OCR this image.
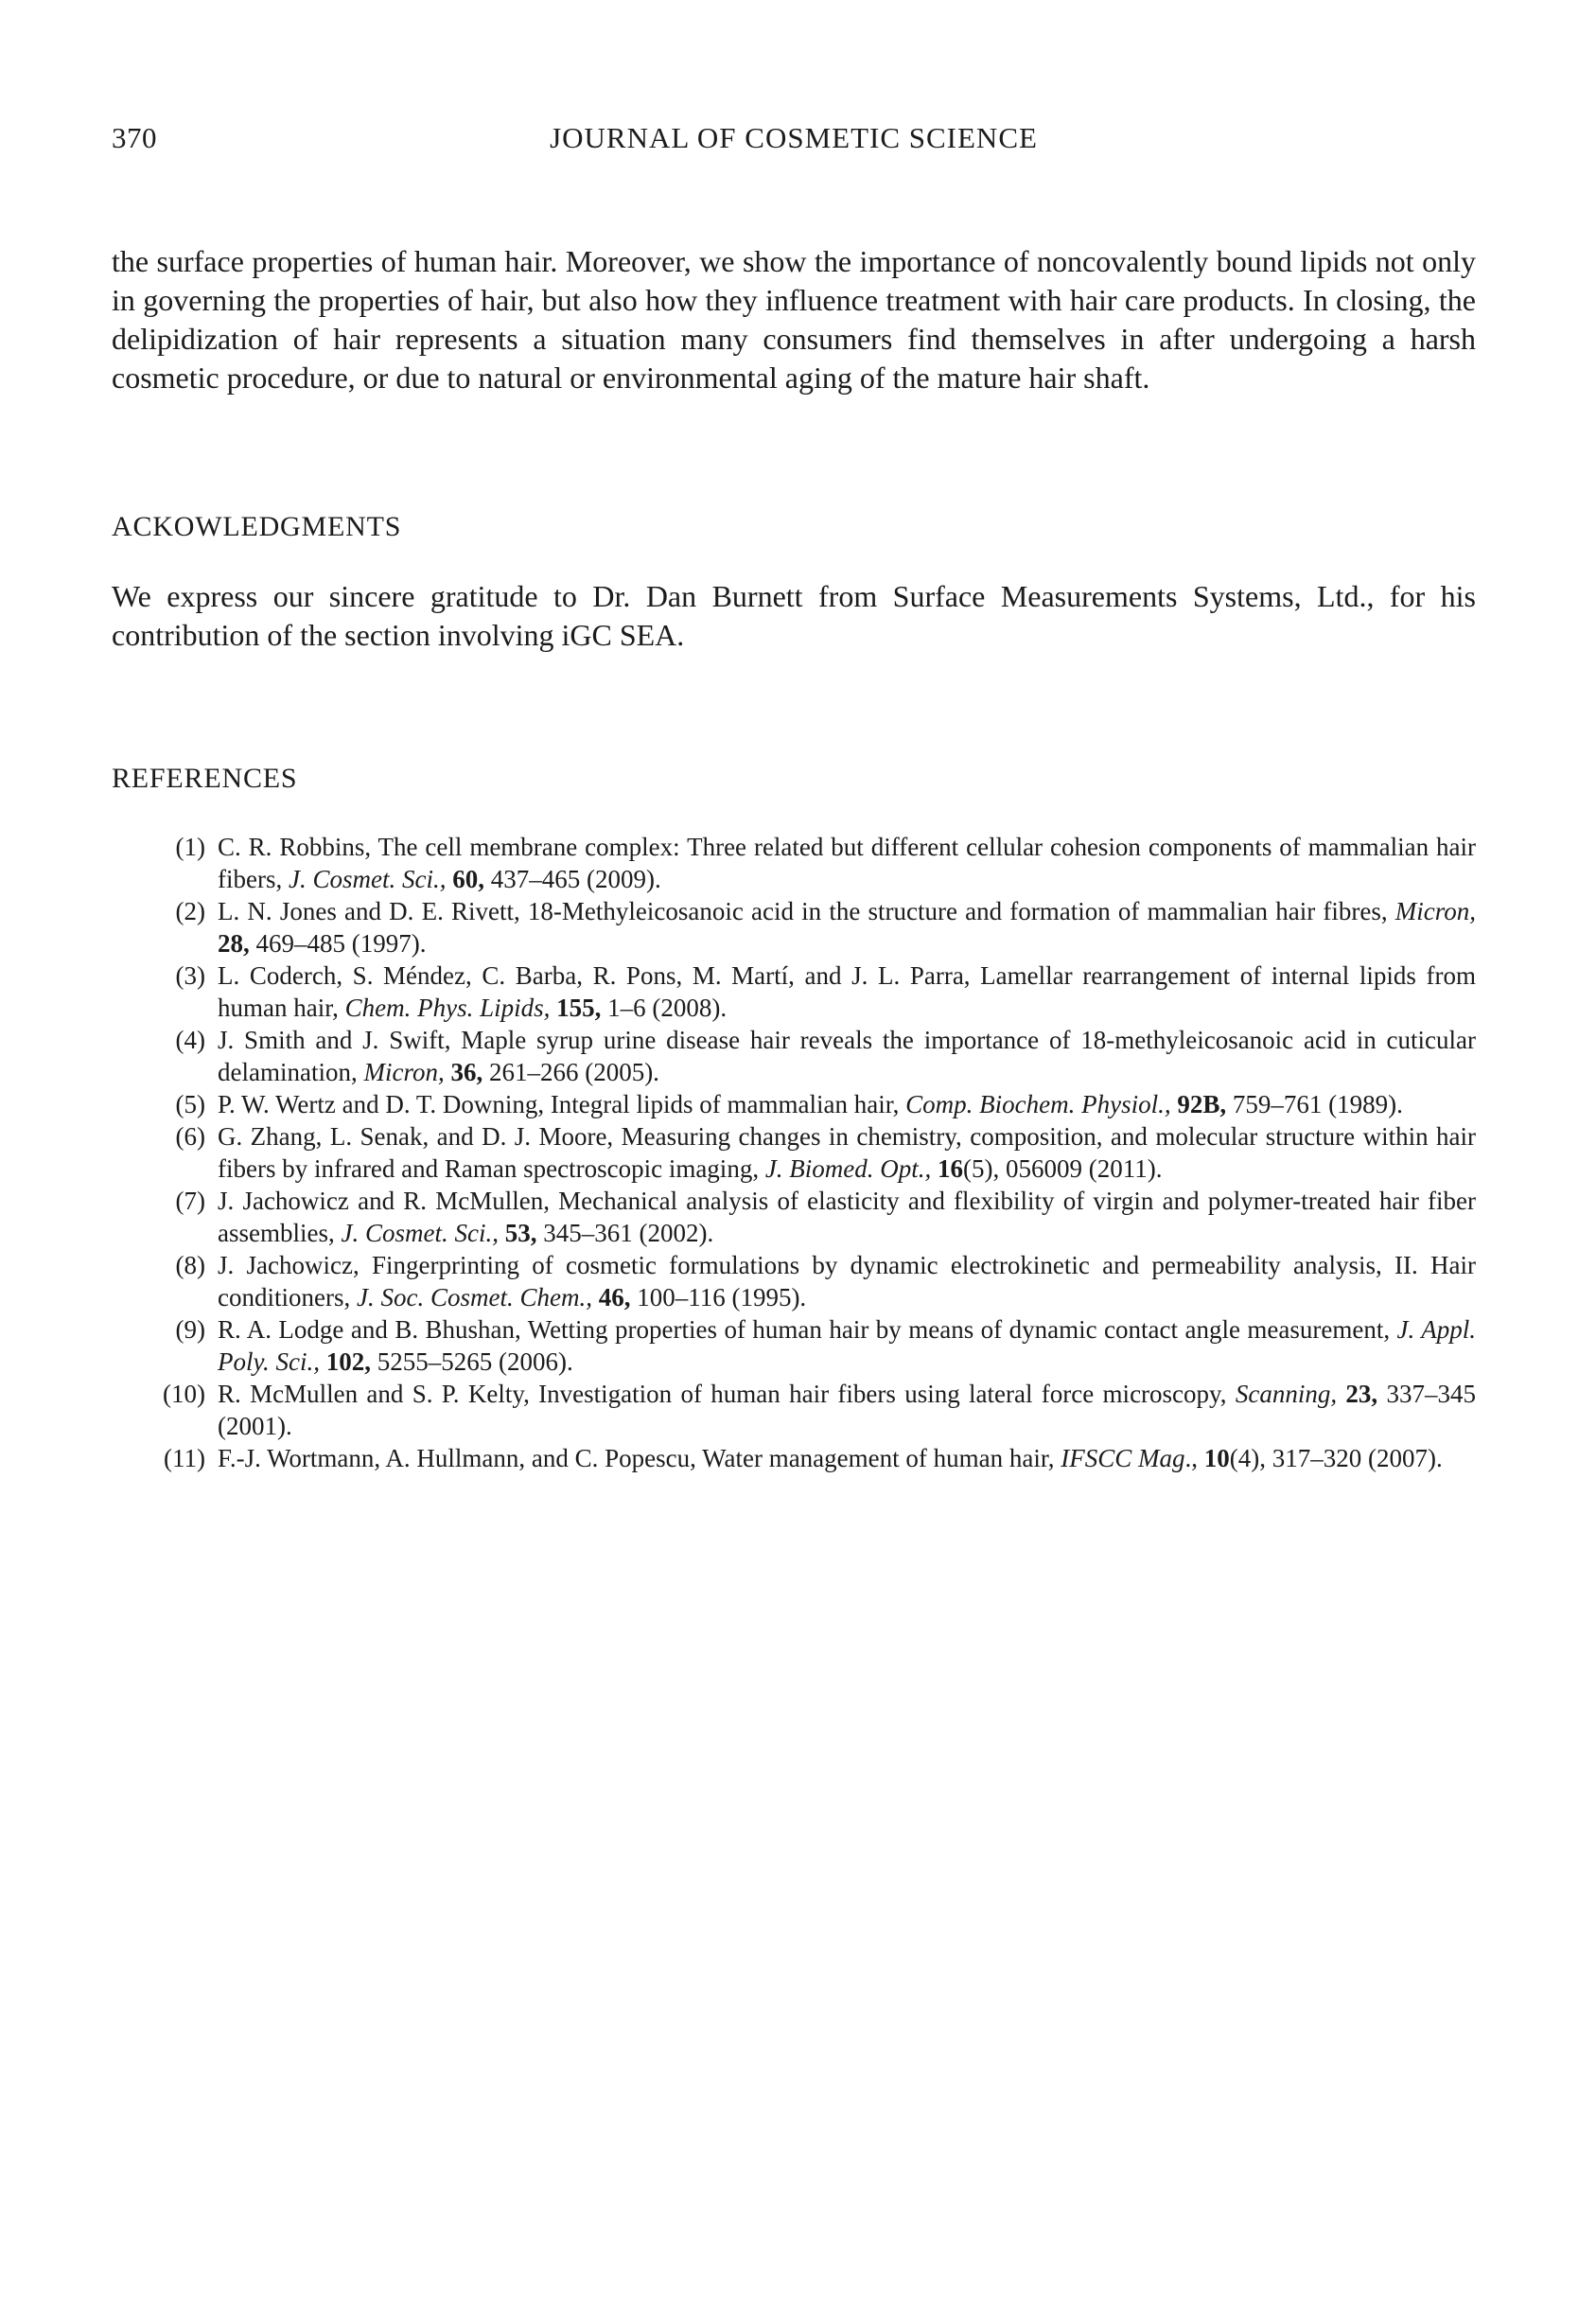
370	JOURNAL OF COSMETIC SCIENCE

the surface properties of human hair. Moreover, we show the importance of noncovalently bound lipids not only in governing the properties of hair, but also how they influence treatment with hair care products. In closing, the delipidization of hair represents a situation many consumers find themselves in after undergoing a harsh cosmetic procedure, or due to natural or environmental aging of the mature hair shaft.

ACKOWLEDGMENTS

We express our sincere gratitude to Dr. Dan Burnett from Surface Measurements Systems, Ltd., for his contribution of the section involving iGC SEA.

REFERENCES
(1) C. R. Robbins, The cell membrane complex: Three related but different cellular cohesion components of mammalian hair fibers, J. Cosmet. Sci., 60, 437–465 (2009).
(2) L. N. Jones and D. E. Rivett, 18-Methyleicosanoic acid in the structure and formation of mammalian hair fibres, Micron, 28, 469–485 (1997).
(3) L. Coderch, S. Méndez, C. Barba, R. Pons, M. Martí, and J. L. Parra, Lamellar rearrangement of internal lipids from human hair, Chem. Phys. Lipids, 155, 1–6 (2008).
(4) J. Smith and J. Swift, Maple syrup urine disease hair reveals the importance of 18-methyleicosanoic acid in cuticular delamination, Micron, 36, 261–266 (2005).
(5) P. W. Wertz and D. T. Downing, Integral lipids of mammalian hair, Comp. Biochem. Physiol., 92B, 759–761 (1989).
(6) G. Zhang, L. Senak, and D. J. Moore, Measuring changes in chemistry, composition, and molecular structure within hair fibers by infrared and Raman spectroscopic imaging, J. Biomed. Opt., 16(5), 056009 (2011).
(7) J. Jachowicz and R. McMullen, Mechanical analysis of elasticity and flexibility of virgin and polymer-treated hair fiber assemblies, J. Cosmet. Sci., 53, 345–361 (2002).
(8) J. Jachowicz, Fingerprinting of cosmetic formulations by dynamic electrokinetic and permeability analysis, II. Hair conditioners, J. Soc. Cosmet. Chem., 46, 100–116 (1995).
(9) R. A. Lodge and B. Bhushan, Wetting properties of human hair by means of dynamic contact angle measurement, J. Appl. Poly. Sci., 102, 5255–5265 (2006).
(10) R. McMullen and S. P. Kelty, Investigation of human hair fibers using lateral force microscopy, Scanning, 23, 337–345 (2001).
(11) F.-J. Wortmann, A. Hullmann, and C. Popescu, Water management of human hair, IFSCC Mag., 10(4), 317–320 (2007).
